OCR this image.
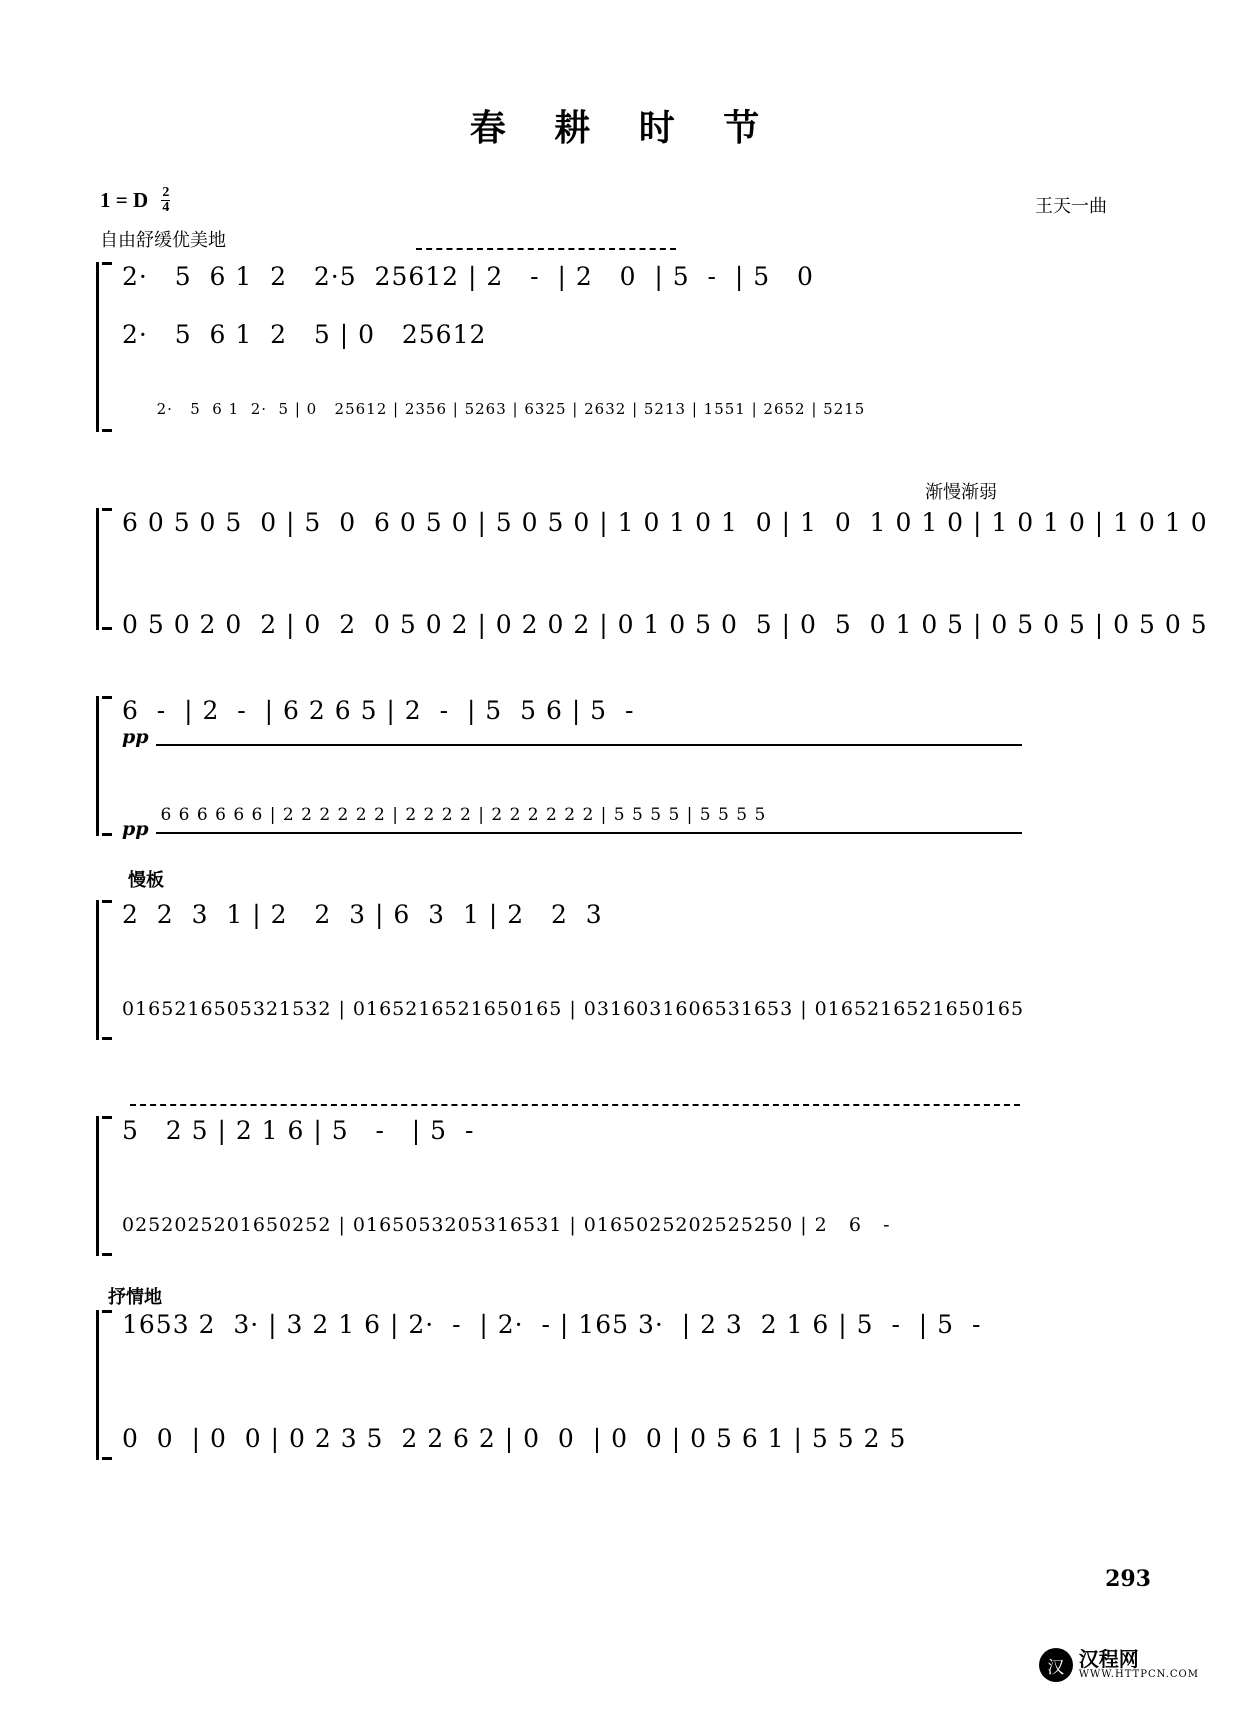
春 耕 时 节
1 = D $\frac{2}{4}$	王天一曲
自由舒缓优美地
渐慢渐弱
慢板
抒情地
2·   5  6 1  2   2·5  25612 | 2   -  | 2   0  | 5  -  | 5   0
2·   5  6 1  2   5 | 0   25612

2·   5  6 1  2·  5 | 0   25612 | 2356 | 5263 | 6325 | 2632 | 5213 | 1551 | 2652 | 5215

6 0 5 0 5  0 | 5  0  6 0 5 0 | 5 0 5 0 | 1 0 1 0 1  0 | 1  0  1 0 1 0 | 1 0 1 0 | 1 0 1 0
0 5 0 2 0  2 | 0  2  0 5 0 2 | 0 2 0 2 | 0 1 0 5 0  5 | 0  5  0 1 0 5 | 0 5 0 5 | 0 5 0 5
pp
6  -  | 2  -  | 6 2 6 5 | 2  -  | 5  5 6 | 5  -

6 6 6 6 6 6 | 2 2 2 2 2 2 | 2 2 2 2 | 2 2 2 2 2 2 | 5 5 5 5 | 5 5 5 5

pp
2  2  3  1 | 2   2  3 | 6  3  1 | 2   2  3
0165216505321532 | 0165216521650165 | 0316031606531653 | 0165216521650165
5   2 5 | 2 1 6 | 5   -   | 5  -
0252025201650252 | 0165053205316531 | 0165025202525250 | 2   6   -
1653 2  3· | 3 2 1 6 | 2·  -  | 2·  - | 165 3·  | 2 3  2 1 6 | 5  -  | 5  -
0  0  | 0  0 | 0 2 3 5  2 2 6 2 | 0  0  | 0  0 | 0 5 6 1 | 5 5 2 5
293
汉 汉程网
WWW.HTTPCN.COM
